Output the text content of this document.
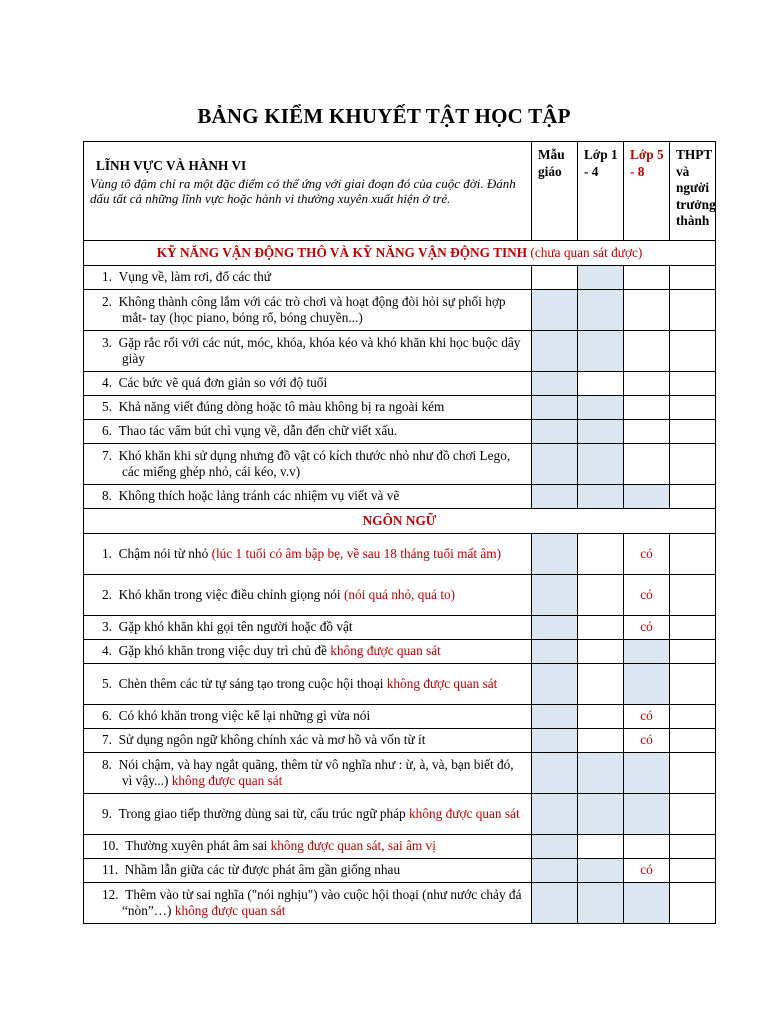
BẢNG KIỂM KHUYẾT TẬT HỌC TẬP
LĨNH VỰC VÀ HÀNH VI
Vùng tô đậm chỉ ra một đặc điểm có thể ứng với giai đoạn đó của cuộc đời. Đánh dấu tất cả những lĩnh vực hoặc hành vi thường xuyên xuất hiện ở trẻ.	Mẫu giáo	Lớp 1 - 4	Lớp 5 - 8	THPT và người trưởng thành
KỸ NĂNG VẬN ĐỘNG THÔ VÀ KỸ NĂNG VẬN ĐỘNG TINH (chưa quan sát được)				
1. Vụng về, làm rơi, đổ các thứ				
2. Không thành công lắm với các trò chơi và hoạt động đòi hỏi sự phối hợp mắt- tay (học piano, bóng rổ, bóng chuyền...)				
3. Gặp rắc rối với các nút, móc, khóa, khóa kéo và khó khăn khi học buộc dây giày				
4. Các bức vẽ quá đơn giản so với độ tuổi				
5. Khả năng viết đúng dòng hoặc tô màu không bị ra ngoài kém				
6. Thao tác vẩm bút chì vụng về, dẫn đến chữ viết xấu.				
7. Khó khăn khi sử dụng nhưng đồ vật có kích thước nhỏ như đồ chơi Lego, các miếng ghép nhỏ, cái kéo, v.v)				
8. Không thích hoặc lảng tránh các nhiệm vụ viết và vẽ				
NGÔN NGỮ				
1. Chậm nói từ nhỏ (lúc 1 tuổi có âm bập bẹ, về sau 18 tháng tuổi mất âm)			có	
2. Khó khăn trong việc điều chỉnh giọng nói (nói quá nhỏ, quá to)			có	
3. Gặp khó khăn khi gọi tên người hoặc đồ vật			có	
4. Gặp khó khăn trong việc duy trì chủ đề không được quan sát				
5. Chèn thêm các từ tự sáng tạo trong cuộc hội thoại không được quan sát				
6. Có khó khăn trong việc kể lại những gì vừa nói			có	
7. Sử dụng ngôn ngữ không chính xác và mơ hồ và vốn từ ít			có	
8. Nói chậm, và hay ngắt quãng, thêm từ vô nghĩa như : ừ, à, và, bạn biết đó, vì vậy...) không được quan sát				
9. Trong giao tiếp thường dùng sai từ, cấu trúc ngữ pháp không được quan sát				
10. Thường xuyên phát âm sai không được quan sát, sai âm vị				
11. Nhầm lẫn giữa các từ được phát âm gần giống nhau			có	
12. Thêm vào từ sai nghĩa ("nói nghịu") vào cuộc hội thoại (như nước chảy đá “nòn”…) không được quan sát				
